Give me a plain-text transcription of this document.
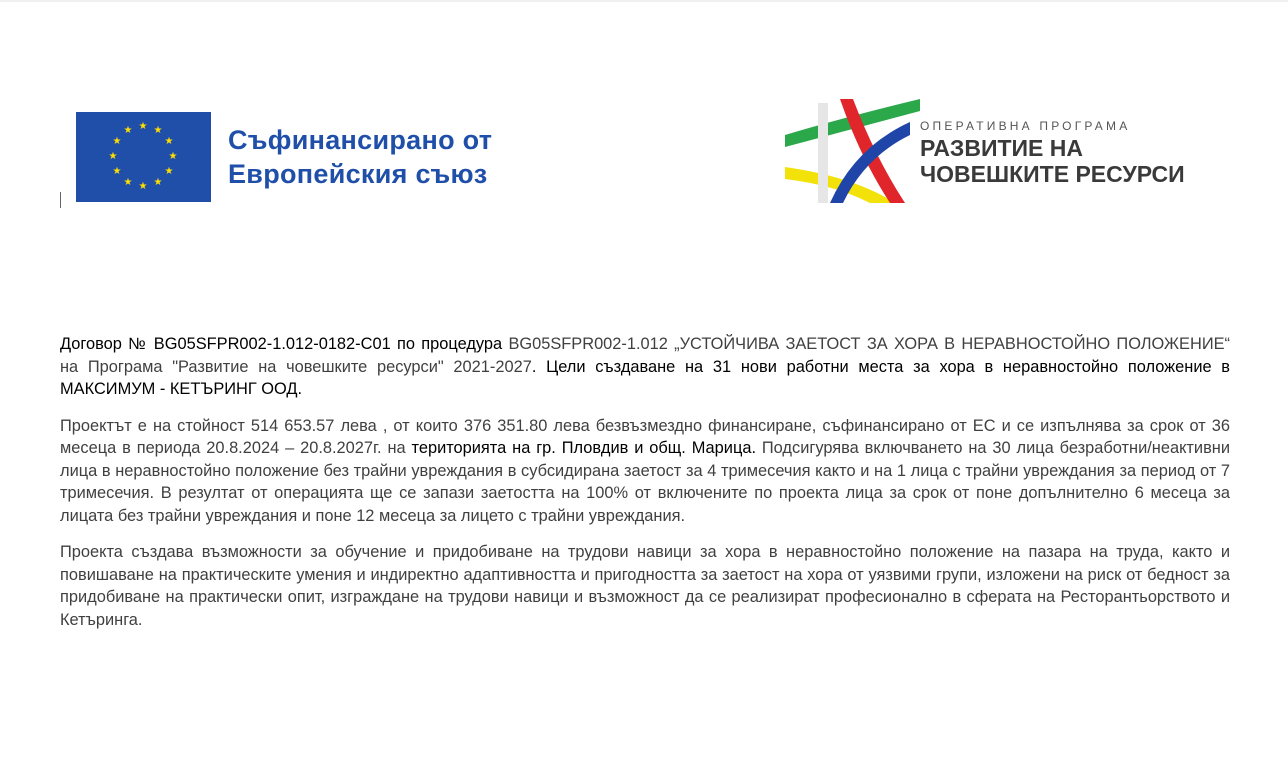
★ ★
★
★
★
★
★
★
★
★
★
★	Съфинансирано от
Европейския съюз
ОПЕРАТИВНА ПРОГРАМА
РАЗВИТИЕ НА
ЧОВЕШКИТЕ РЕСУРСИ

Договор № BG05SFPR002-1.012-0182-C01 по процедура BG05SFPR002-1.012 „УСТОЙЧИВА ЗАЕТОСТ ЗА ХОРА В НЕРАВНОСТОЙНО ПОЛОЖЕНИЕ“ на Програма "Развитие на човешките ресурси" 2021-2027. Цели създаване на 31 нови работни места за хора в неравностойно положение в МАКСИМУМ - КЕТЪРИНГ ООД.

Проектът е на стойност 514 653.57 лева , от които 376 351.80 лева безвъзмездно финансиране, съфинансирано от ЕС и се изпълнява за срок от 36 месеца в периода 20.8.2024 – 20.8.2027г. на територията на гр. Пловдив и общ. Марица. Подсигурява включването на 30 лица безработни/неактивни лица в неравностойно положение без трайни увреждания в субсидирана заетост за 4 тримесечия както и на 1 лица с трайни увреждания за период от 7 тримесечия. В резултат от операцията ще се запази заетостта на 100% от включените по проекта лица за срок от поне допълнително 6 месеца за лицата без трайни увреждания и поне 12 месеца за лицето с трайни увреждания.

Проекта създава възможности за обучение и придобиване на трудови навици за хора в неравностойно положение на пазара на труда, както и повишаване на практическите умения и индиректно адаптивността и пригодността за заетост на хора от уязвими групи, изложени на риск от бедност за придобиване на практически опит, изграждане на трудови навици и възможност да се реализират професионално в сферата на Ресторантьорството и Кетъринга.
